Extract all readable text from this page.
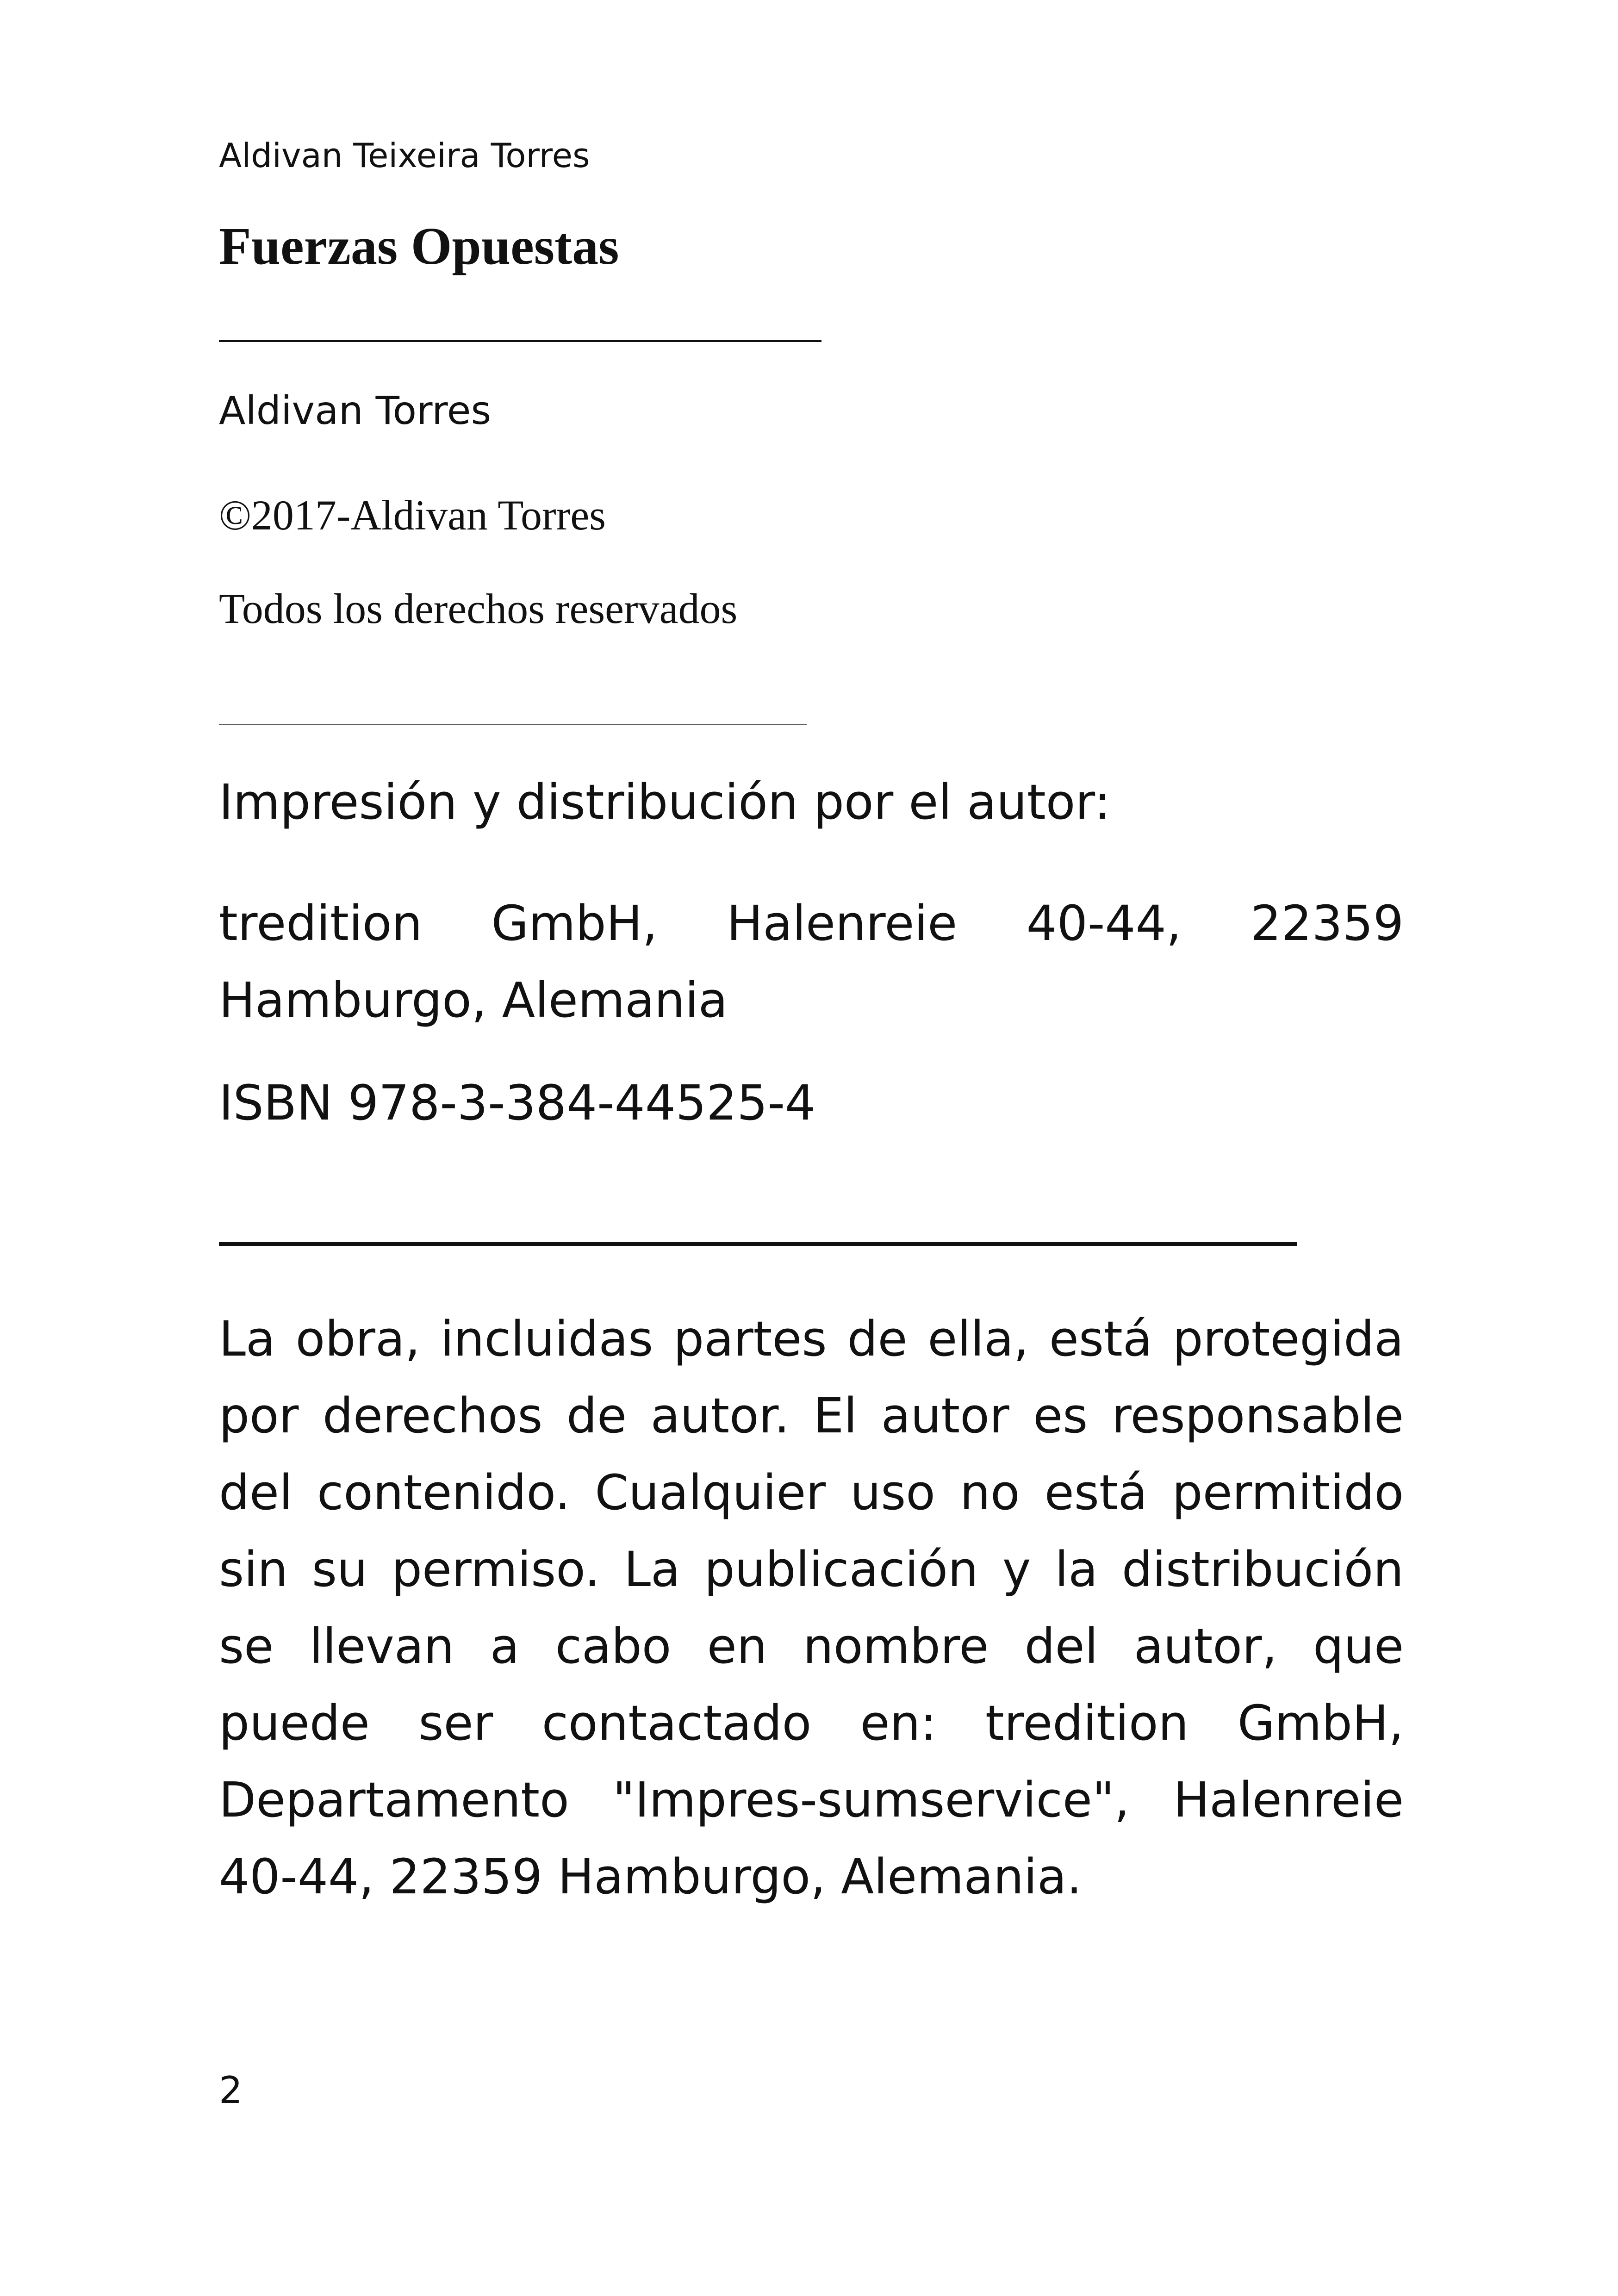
Aldivan Teixeira Torres
Fuerzas Opuestas
Aldivan Torres
©2017-Aldivan Torres
Todos los derechos reservados
Impresión y distribución por el autor:
tredition GmbH, Halenreie 40-44, 22359 Hamburgo, Alemania
ISBN 978-3-384-44525-4
La obra, incluidas partes de ella, está protegida por derechos de autor. El autor es responsable del contenido. Cualquier uso no está permitido sin su permiso. La publicación y la distribución se llevan a cabo en nombre del autor, que puede ser contactado en: tredition GmbH, Departamento "Impres-sumservice", Halenreie 40-44, 22359 Hamburgo, Alemania.
2
